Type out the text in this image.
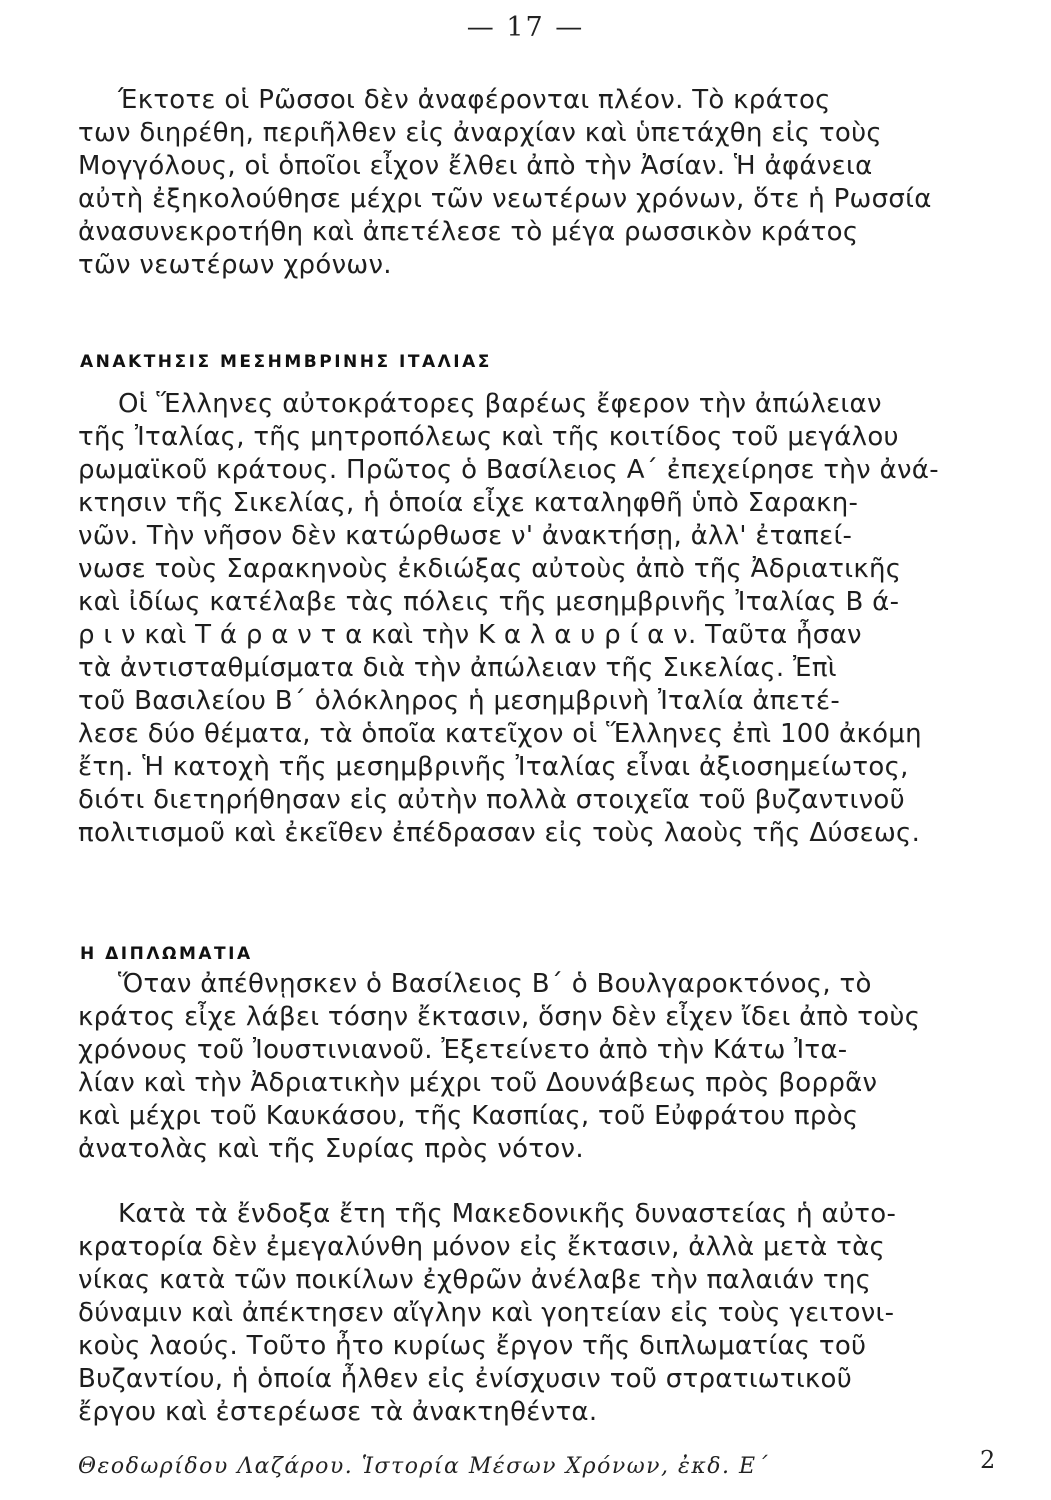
— 17 —
Έκτοτε οἱ Ρῶσσοι δὲν ἀναφέρονται πλέον. Τὸ κράτος
των διηρέθη, περιῆλθεν εἰς ἀναρχίαν καὶ ὑπετάχθη εἰς τοὺς
Μογγόλους, οἱ ὁποῖοι εἶχον ἔλθει ἀπὸ τὴν Ἀσίαν. Ἡ ἀφάνεια
αὐτὴ ἐξηκολούθησε μέχρι τῶν νεωτέρων χρόνων, ὅτε ἡ Ρωσσία
ἀνασυνεκροτήθη καὶ ἀπετέλεσε τὸ μέγα ρωσσικὸν κράτος
τῶν νεωτέρων χρόνων.
ΑΝΑΚΤΗΣΙΣ ΜΕΣΗΜΒΡΙΝΗΣ ΙΤΑΛΙΑΣ
Οἱ Ἕλληνες αὐτοκράτορες βαρέως ἔφερον τὴν ἀπώλειαν
τῆς Ἰταλίας, τῆς μητροπόλεως καὶ τῆς κοιτίδος τοῦ μεγάλου
ρωμαϊκοῦ κράτους. Πρῶτος ὁ Βασίλειος Α΄ ἐπεχείρησε τὴν ἀνά-
κτησιν τῆς Σικελίας, ἡ ὁποία εἶχε καταληφθῆ ὑπὸ Σαρακη-
νῶν. Τὴν νῆσον δὲν κατώρθωσε ν' ἀνακτήσῃ, ἀλλ' ἐταπεί-
νωσε τοὺς Σαρακηνοὺς ἐκδιώξας αὐτοὺς ἀπὸ τῆς Ἀδριατικῆς
καὶ ἰδίως κατέλαβε τὰς πόλεις τῆς μεσημβρινῆς Ἰταλίας Β ά-
ρ ι ν καὶ Τ ά ρ α ν τ α καὶ τὴν Κ α λ α υ ρ ί α ν. Ταῦτα ἦσαν
τὰ ἀντισταθμίσματα διὰ τὴν ἀπώλειαν τῆς Σικελίας. Ἐπὶ
τοῦ Βασιλείου Β΄ ὁλόκληρος ἡ μεσημβρινὴ Ἰταλία ἀπετέ-
λεσε δύο θέματα, τὰ ὁποῖα κατεῖχον οἱ Ἕλληνες ἐπὶ 100 ἀκόμη
ἔτη. Ἡ κατοχὴ τῆς μεσημβρινῆς Ἰταλίας εἶναι ἀξιοσημείωτος,
διότι διετηρήθησαν εἰς αὐτὴν πολλὰ στοιχεῖα τοῦ βυζαντινοῦ
πολιτισμοῦ καὶ ἐκεῖθεν ἐπέδρασαν εἰς τοὺς λαοὺς τῆς Δύσεως.
Η ΔΙΠΛΩΜΑΤΙΑ
Ὅταν ἀπέθνῃσκεν ὁ Βασίλειος Β΄ ὁ Βουλγαροκτόνος, τὸ
κράτος εἶχε λάβει τόσην ἔκτασιν, ὅσην δὲν εἶχεν ἴδει ἀπὸ τοὺς
χρόνους τοῦ Ἰουστινιανοῦ. Ἐξετείνετο ἀπὸ τὴν Κάτω Ἰτα-
λίαν καὶ τὴν Ἀδριατικὴν μέχρι τοῦ Δουνάβεως πρὸς βορρᾶν
καὶ μέχρι τοῦ Καυκάσου, τῆς Κασπίας, τοῦ Εὐφράτου πρὸς
ἀνατολὰς καὶ τῆς Συρίας πρὸς νότον.
Κατὰ τὰ ἔνδοξα ἔτη τῆς Μακεδονικῆς δυναστείας ἡ αὐτο-
κρατορία δὲν ἐμεγαλύνθη μόνον εἰς ἔκτασιν, ἀλλὰ μετὰ τὰς
νίκας κατὰ τῶν ποικίλων ἐχθρῶν ἀνέλαβε τὴν παλαιάν της
δύναμιν καὶ ἀπέκτησεν αἴγλην καὶ γοητείαν εἰς τοὺς γειτονι-
κοὺς λαούς. Τοῦτο ἦτο κυρίως ἔργον τῆς διπλωματίας τοῦ
Βυζαντίου, ἡ ὁποία ἦλθεν εἰς ἐνίσχυσιν τοῦ στρατιωτικοῦ
ἔργου καὶ ἐστερέωσε τὰ ἀνακτηθέντα.
Θεοδωρίδου Λαζάρου. Ἱστορία Μέσων Χρόνων, ἐκδ. Ε΄	2
